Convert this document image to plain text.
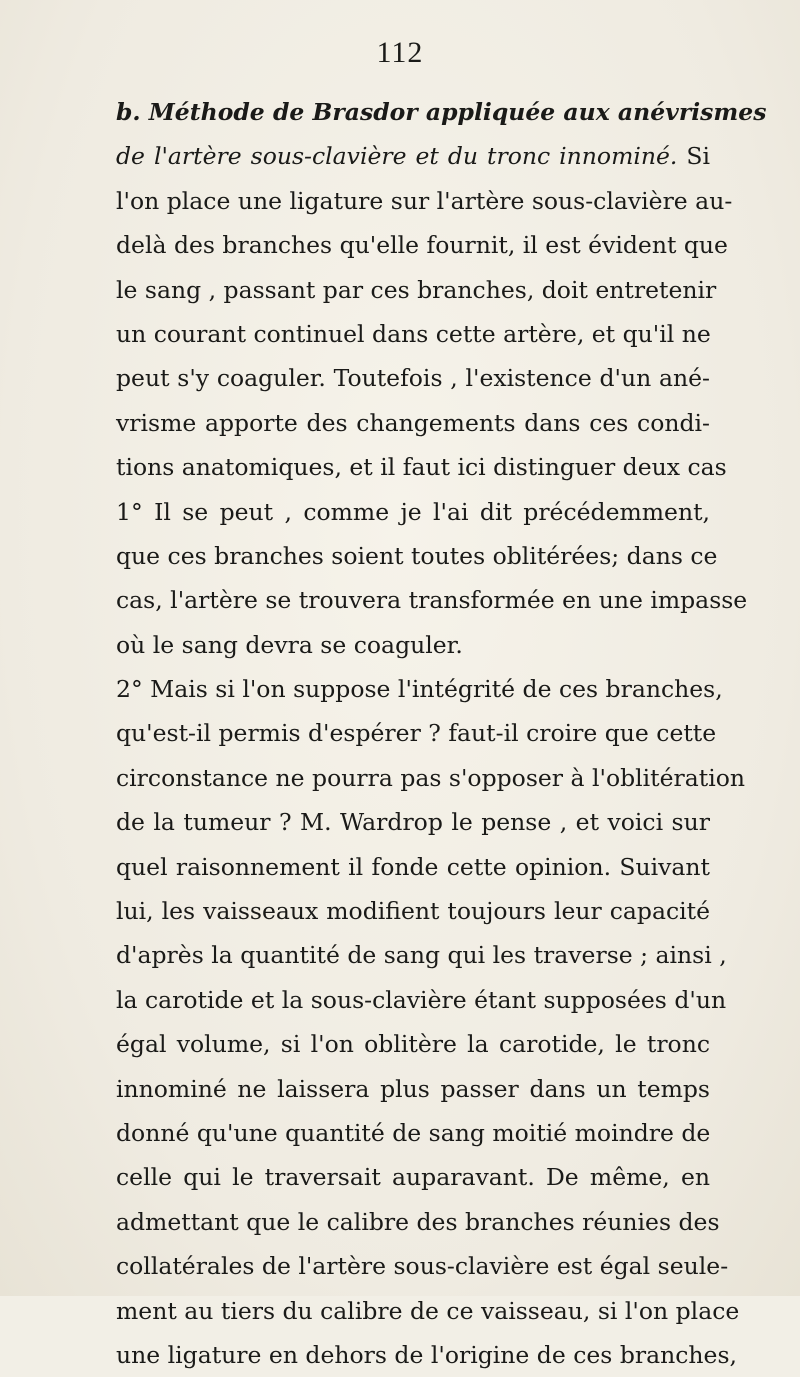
112
b. Méthode de Brasdor appliquée aux anévrismes
de l'artère sous-clavière et du tronc innominé. Si
l'on place une ligature sur l'artère sous-clavière au-
delà des branches qu'elle fournit, il est évident que
le sang , passant par ces branches, doit entretenir
un courant continuel dans cette artère, et qu'il ne
peut s'y coaguler. Toutefois , l'existence d'un ané-
vrisme apporte des changements dans ces condi-
tions anatomiques, et il faut ici distinguer deux cas
1° Il se peut , comme je l'ai dit précédemment,
que ces branches soient toutes oblitérées; dans ce
cas, l'artère se trouvera transformée en une impasse
où le sang devra se coaguler.
2° Mais si l'on suppose l'intégrité de ces branches,
qu'est-il permis d'espérer ? faut-il croire que cette
circonstance ne pourra pas s'opposer à l'oblitération
de la tumeur ? M. Wardrop le pense , et voici sur
quel raisonnement il fonde cette opinion. Suivant
lui, les vaisseaux modifient toujours leur capacité
d'après la quantité de sang qui les traverse ; ainsi ,
la carotide et la sous-clavière étant supposées d'un
égal volume, si l'on oblitère la carotide, le tronc
innominé ne laissera plus passer dans un temps
donné qu'une quantité de sang moitié moindre de
celle qui le traversait auparavant. De même, en
admettant que le calibre des branches réunies des
collatérales de l'artère sous-clavière est égal seule-
ment au tiers du calibre de ce vaisseau, si l'on place
une ligature en dehors de l'origine de ces branches,
